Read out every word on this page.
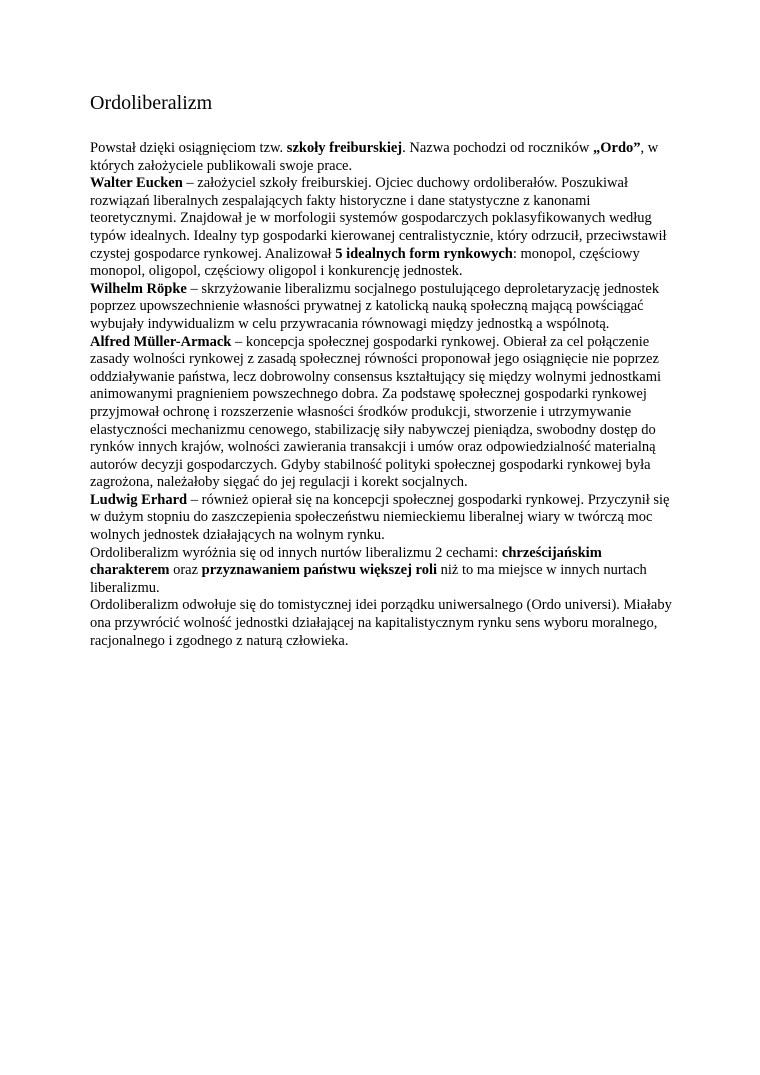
Ordoliberalizm

Powstał dzięki osiągnięciom tzw. szkoły freiburskiej. Nazwa pochodzi od roczników „Ordo”, w których założyciele publikowali swoje prace.

Walter Eucken – założyciel szkoły freiburskiej. Ojciec duchowy ordoliberałów. Poszukiwał rozwiązań liberalnych zespalających fakty historyczne i dane statystyczne z kanonami teoretycznymi. Znajdował je w morfologii systemów gospodarczych poklasyfikowanych według typów idealnych. Idealny typ gospodarki kierowanej centralistycznie, który odrzucił, przeciwstawił czystej gospodarce rynkowej. Analizował 5 idealnych form rynkowych: monopol, częściowy monopol, oligopol, częściowy oligopol i konkurencję jednostek.

Wilhelm Röpke – skrzyżowanie liberalizmu socjalnego postulującego deproletaryzację jednostek poprzez upowszechnienie własności prywatnej z katolicką nauką społeczną mającą powściągać wybujały indywidualizm w celu przywracania równowagi między jednostką a wspólnotą.

Alfred Müller-Armack – koncepcja społecznej gospodarki rynkowej. Obierał za cel połączenie zasady wolności rynkowej z zasadą społecznej równości proponował jego osiągnięcie nie poprzez oddziaływanie państwa, lecz dobrowolny consensus kształtujący się między wolnymi jednostkami animowanymi pragnieniem powszechnego dobra. Za podstawę społecznej gospodarki rynkowej przyjmował ochronę i rozszerzenie własności środków produkcji, stworzenie i utrzymywanie elastyczności mechanizmu cenowego, stabilizację siły nabywczej pieniądza, swobodny dostęp do rynków innych krajów, wolności zawierania transakcji i umów oraz odpowiedzialność materialną autorów decyzji gospodarczych. Gdyby stabilność polityki społecznej gospodarki rynkowej była zagrożona, należałoby sięgać do jej regulacji i korekt socjalnych.

Ludwig Erhard – również opierał się na koncepcji społecznej gospodarki rynkowej. Przyczynił się w dużym stopniu do zaszczepienia społeczeństwu niemieckiemu liberalnej wiary w twórczą moc wolnych jednostek działających na wolnym rynku.

Ordoliberalizm wyróżnia się od innych nurtów liberalizmu 2 cechami: chrześcijańskim charakterem oraz przyznawaniem państwu większej roli niż to ma miejsce w innych nurtach liberalizmu.

Ordoliberalizm odwołuje się do tomistycznej idei porządku uniwersalnego (Ordo universi). Miałaby ona przywrócić wolność jednostki działającej na kapitalistycznym rynku sens wyboru moralnego, racjonalnego i zgodnego z naturą człowieka.
